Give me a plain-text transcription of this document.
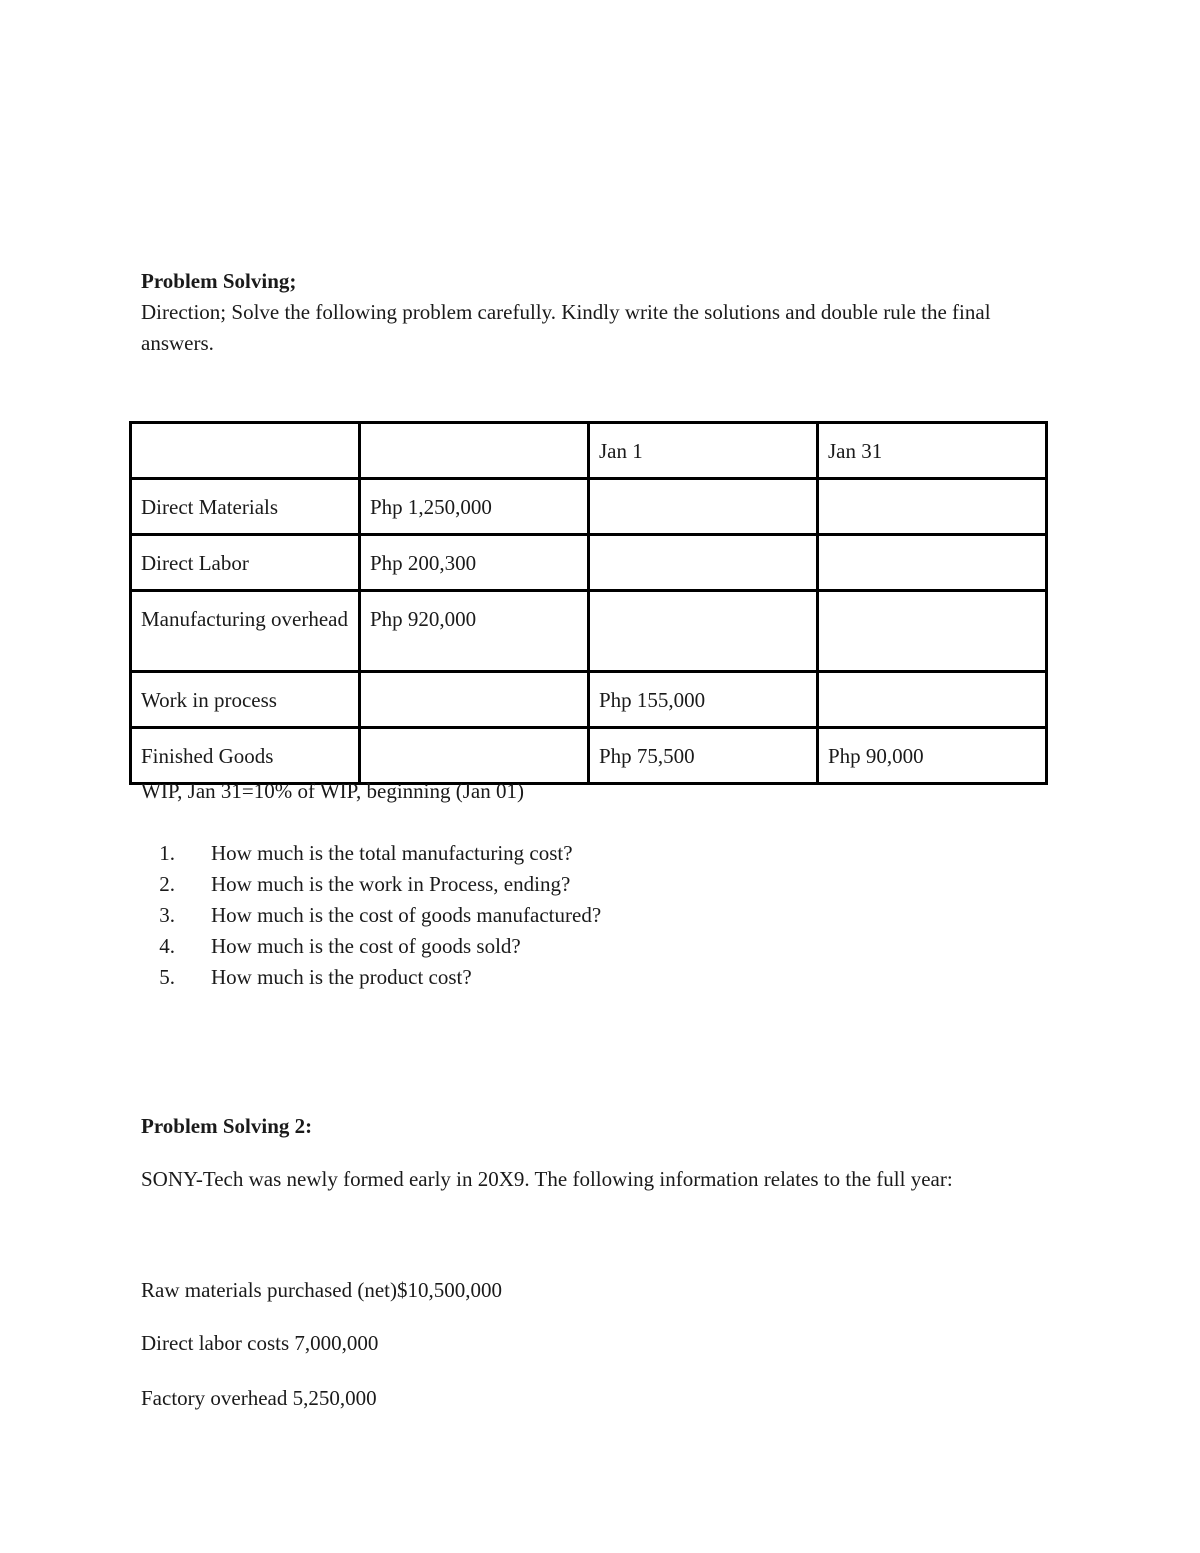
Problem Solving;
Direction; Solve the following problem carefully. Kindly write the solutions and double rule the final answers.
		Jan 1	Jan 31
Direct Materials	Php 1,250,000		
Direct Labor	Php 200,300		
Manufacturing overhead	Php 920,000		
Work in process		Php 155,000	
Finished Goods		Php 75,500	Php 90,000
WIP, Jan 31=10% of WIP, beginning (Jan 01)
1.	How much is the total manufacturing cost?
2.	How much is the work in Process, ending?
3.	How much is the cost of goods manufactured?
4.	How much is the cost of goods sold?
5.	How much is the product cost?
Problem Solving 2:
SONY-Tech was newly formed early in 20X9. The following information relates to the full year:
Raw materials purchased (net)$10,500,000
Direct labor costs 7,000,000
Factory overhead 5,250,000
